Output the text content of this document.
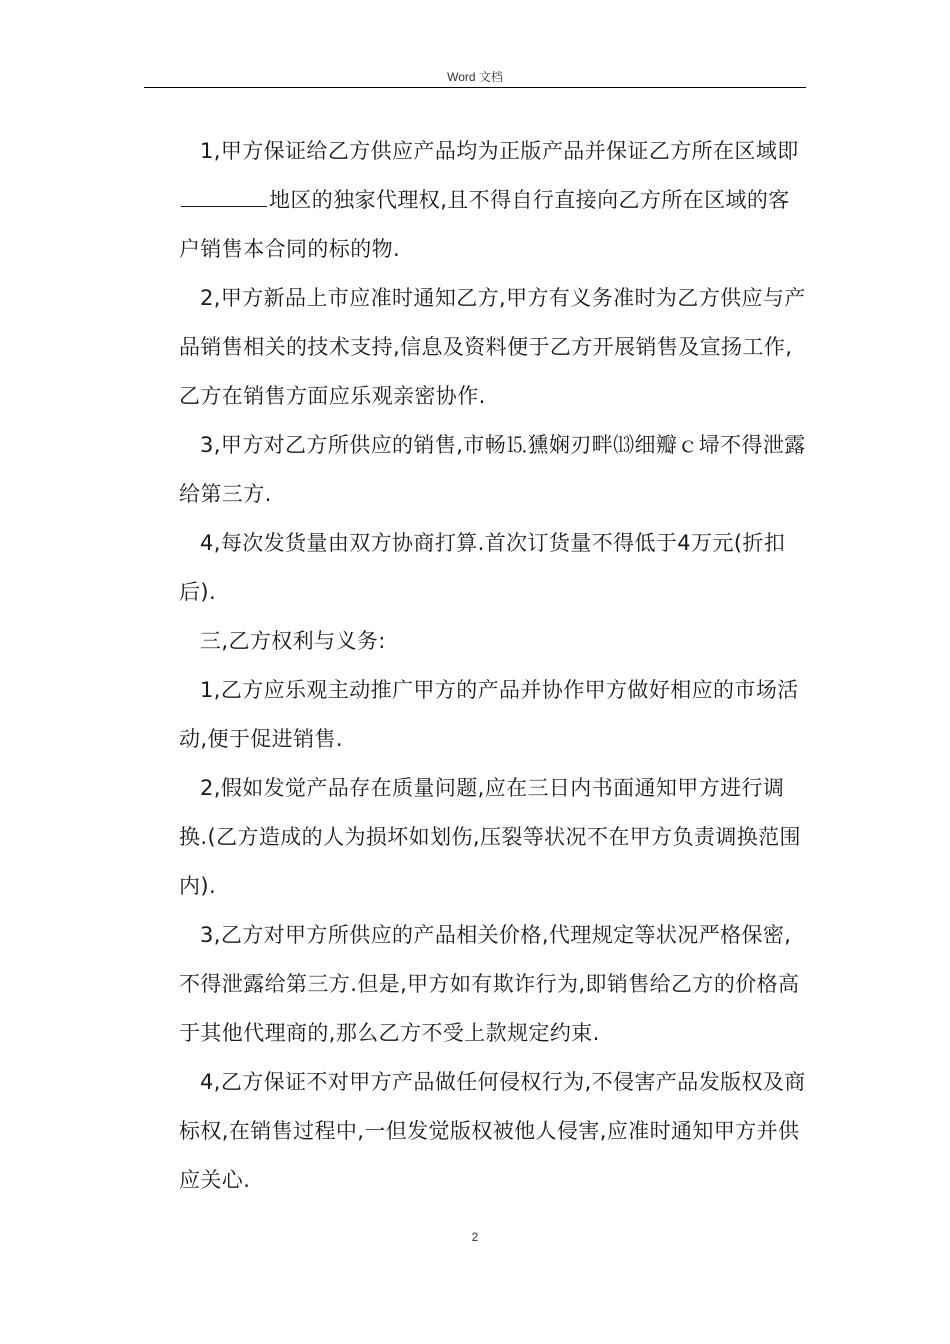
Word 文档

1,甲方保证给乙方供应产品均为正版产品并保证乙方所在区域即地区的独家代理权,且不得自行直接向乙方所在区域的客户销售本合同的标的物.

2,甲方新品上市应准时通知乙方,甲方有义务准时为乙方供应与产品销售相关的技术支持,信息及资料便于乙方开展销售及宣扬工作,乙方在销售方面应乐观亲密协作.

3,甲方对乙方所供应的销售,市畅⒖獯娴刃畔⒀细瓣ｃ埽不得泄露给第三方.

4,每次发货量由双方协商打算.首次订货量不得低于4万元(折扣后).

三,乙方权利与义务:

1,乙方应乐观主动推广甲方的产品并协作甲方做好相应的市场活动,便于促进销售.

2,假如发觉产品存在质量问题,应在三日内书面通知甲方进行调换.(乙方造成的人为损坏如划伤,压裂等状况不在甲方负责调换范围内).

3,乙方对甲方所供应的产品相关价格,代理规定等状况严格保密,不得泄露给第三方.但是,甲方如有欺诈行为,即销售给乙方的价格高于其他代理商的,那么乙方不受上款规定约束.

4,乙方保证不对甲方产品做任何侵权行为,不侵害产品发版权及商标权,在销售过程中,一但发觉版权被他人侵害,应准时通知甲方并供应关心.

2
